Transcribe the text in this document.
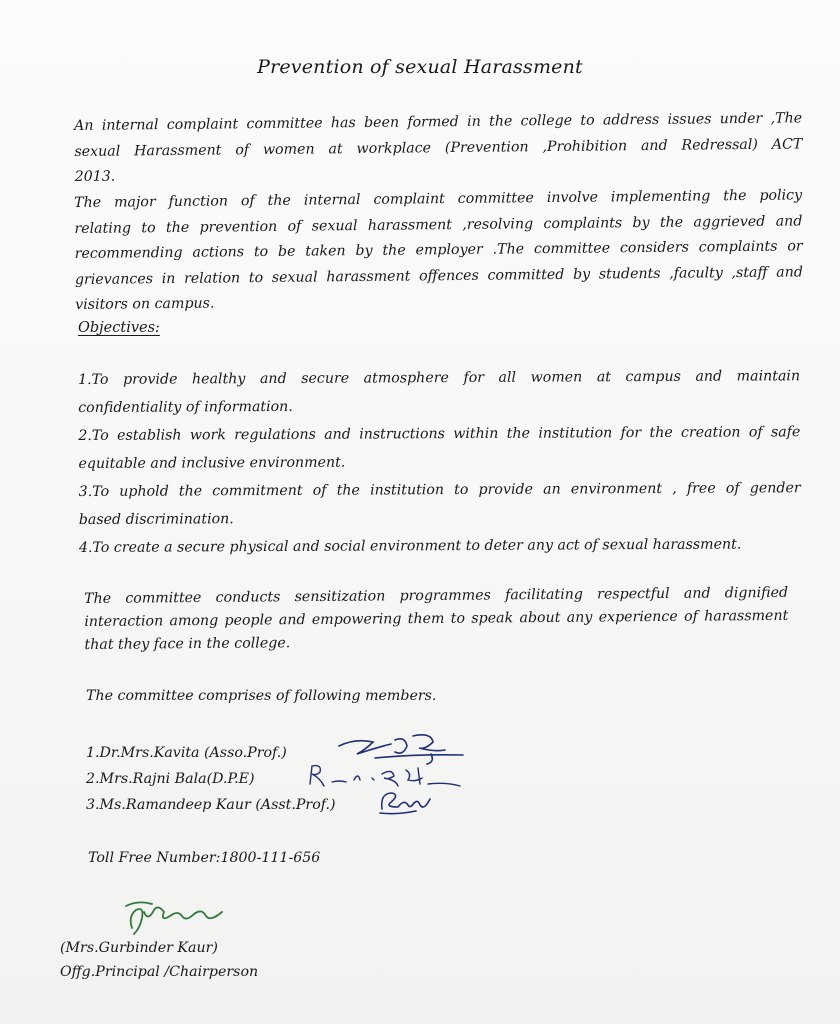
Prevention of sexual Harassment

An internal complaint committee has been formed in the college to address issues under ,The
sexual Harassment of women at workplace (Prevention ,Prohibition and Redressal) ACT
2013.

The major function of the internal complaint committee involve implementing the policy
relating to the prevention of sexual harassment ,resolving complaints by the aggrieved and
recommending actions to be taken by the employer .The committee considers complaints or
grievances in relation to sexual harassment offences committed by students ,faculty ,staff and
visitors on campus.

Objectives:
1.To provide healthy and secure atmosphere for all women at campus and maintain
confidentiality of information.
2.To establish work regulations and instructions within the institution for the creation of safe
equitable and inclusive environment.
3.To uphold the commitment of the institution to provide an environment , free of gender
based discrimination.
4.To create a secure physical and social environment to deter any act of sexual harassment.

The committee conducts sensitization programmes facilitating respectful and dignified
interaction among people and empowering them to speak about any experience of harassment
that they face in the college.

The committee comprises of following members.
1.Dr.Mrs.Kavita (Asso.Prof.)
2.Mrs.Rajni Bala(D.P.E)
3.Ms.Ramandeep Kaur (Asst.Prof.)
Toll Free Number:1800-111-656
(Mrs.Gurbinder Kaur)
Offg.Principal /Chairperson
